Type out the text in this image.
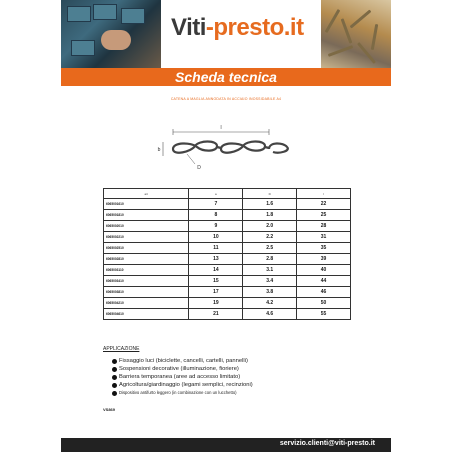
Viti-presto.it
Scheda tecnica
CATENA A MAGLIA ANNODATA IN ACCIAIO INOSSIDABILE A4
l
b
D
art	a	D	l
6065001610	7	1.6	22
6065001810	8	1.8	25
6065002010	9	2.0	28
6065002210	10	2.2	31
6065002510	11	2.5	35
6065002810	13	2.8	39
6065003110	14	3.1	40
6065003410	15	3.4	44
6065003810	17	3.8	46
6065004210	19	4.2	50
6065004610	21	4.6	55
APPLICAZIONE
Fissaggio luci (biciclette, cancelli, cartelli, pannelli)
Sospensioni decorative (illuminazione, fioriere)
Barriera temporanea (aree ad accesso limitato)
Agricoltura/giardinaggio (legami semplici, recinzioni)
Dispositivo antifurto leggero (in combinazione con un lucchetto)
VS869
servizio.clienti@viti-presto.it
